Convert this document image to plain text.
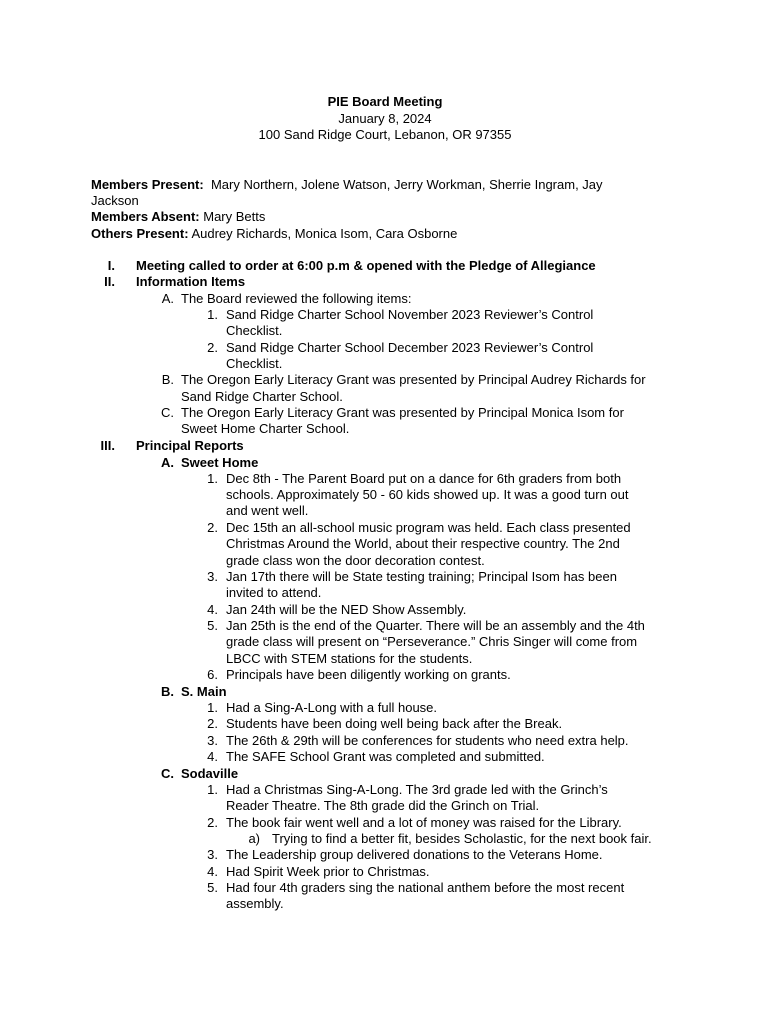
PIE Board Meeting
January 8, 2024
100 Sand Ridge Court, Lebanon, OR 97355
Members Present: Mary Northern, Jolene Watson, Jerry Workman, Sherrie Ingram, Jay
Jackson
Members Absent: Mary Betts
Others Present: Audrey Richards, Monica Isom, Cara Osborne
I. Meeting called to order at 6:00 p.m & opened with the Pledge of Allegiance
II. Information Items
A. The Board reviewed the following items:
1. Sand Ridge Charter School November 2023 Reviewer’s Control
Checklist.
2. Sand Ridge Charter School December 2023 Reviewer’s Control
Checklist.
B. The Oregon Early Literacy Grant was presented by Principal Audrey Richards for
Sand Ridge Charter School.
C. The Oregon Early Literacy Grant was presented by Principal Monica Isom for
Sweet Home Charter School.
III. Principal Reports
A. Sweet Home
1. Dec 8th - The Parent Board put on a dance for 6th graders from both
schools. Approximately 50 - 60 kids showed up. It was a good turn out
and went well.
2. Dec 15th an all-school music program was held. Each class presented
Christmas Around the World, about their respective country. The 2nd
grade class won the door decoration contest.
3. Jan 17th there will be State testing training; Principal Isom has been
invited to attend.
4. Jan 24th will be the NED Show Assembly.
5. Jan 25th is the end of the Quarter. There will be an assembly and the 4th
grade class will present on “Perseverance.” Chris Singer will come from
LBCC with STEM stations for the students.
6. Principals have been diligently working on grants.
B. S. Main
1. Had a Sing-A-Long with a full house.
2. Students have been doing well being back after the Break.
3. The 26th & 29th will be conferences for students who need extra help.
4. The SAFE School Grant was completed and submitted.
C. Sodaville
1. Had a Christmas Sing-A-Long. The 3rd grade led with the Grinch’s
Reader Theatre. The 8th grade did the Grinch on Trial.
2. The book fair went well and a lot of money was raised for the Library.
a) Trying to find a better fit, besides Scholastic, for the next book fair.
3. The Leadership group delivered donations to the Veterans Home.
4. Had Spirit Week prior to Christmas.
5. Had four 4th graders sing the national anthem before the most recent
assembly.
